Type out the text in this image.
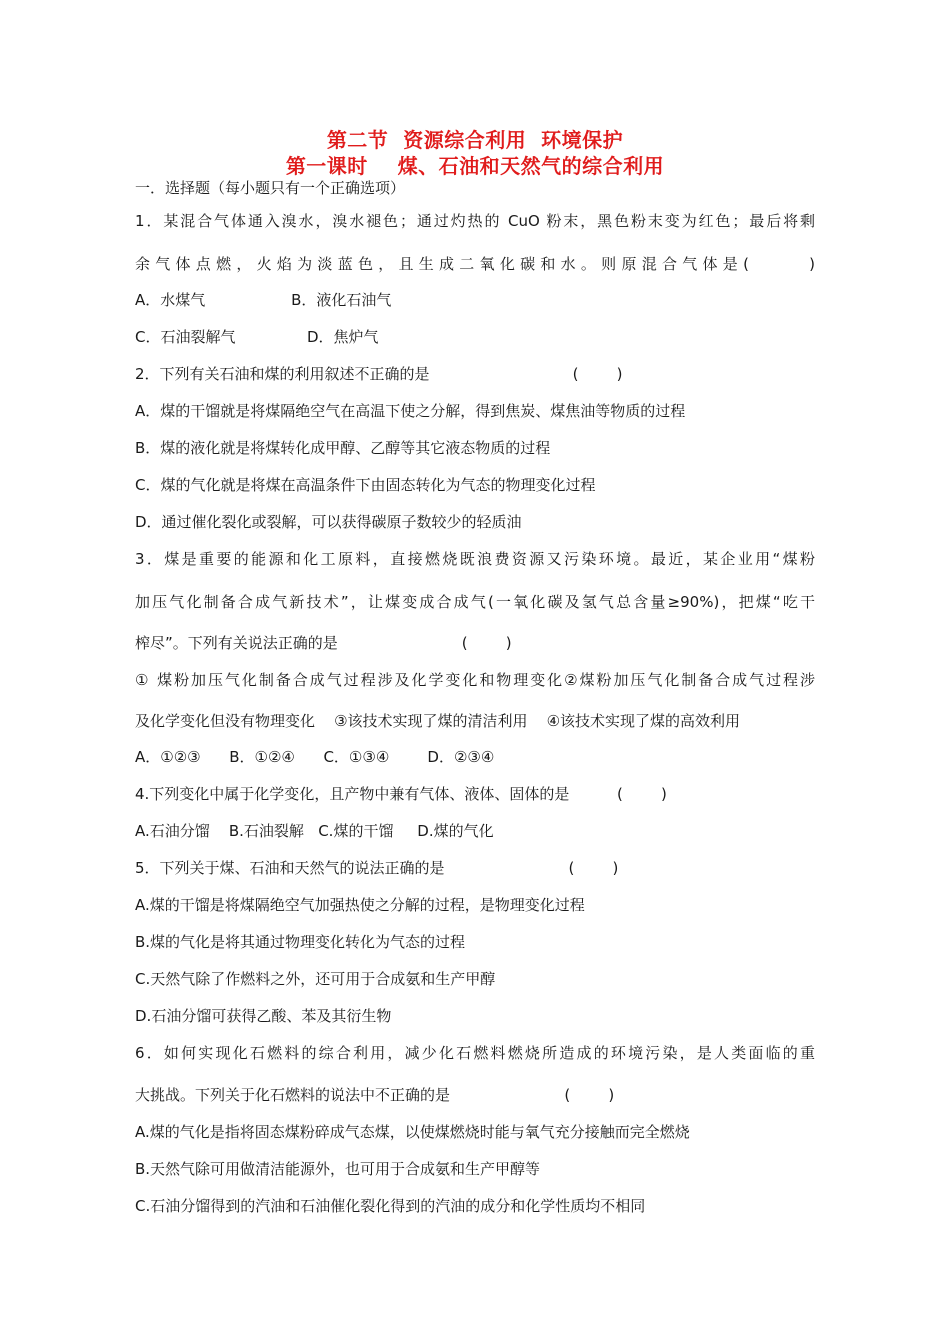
第二节  资源综合利用  环境保护
第一课时    煤、石油和天然气的综合利用
一．选择题（每小题只有一个正确选项）
1．某混合气体通入溴水，溴水褪色；通过灼热的 CuO 粉末，黑色粉末变为红色；最后将剩
余气体点燃，火焰为淡蓝色，且生成二氧化碳和水。则原混合气体是(      )
A．水煤气                  B．液化石油气
C．石油裂解气               D．焦炉气
2．下列有关石油和煤的利用叙述不正确的是                              (        )
A．煤的干馏就是将煤隔绝空气在高温下使之分解，得到焦炭、煤焦油等物质的过程
B．煤的液化就是将煤转化成甲醇、乙醇等其它液态物质的过程
C．煤的气化就是将煤在高温条件下由固态转化为气态的物理变化过程
D．通过催化裂化或裂解，可以获得碳原子数较少的轻质油
3．煤是重要的能源和化工原料，直接燃烧既浪费资源又污染环境。最近，某企业用“煤粉
加压气化制备合成气新技术”，让煤变成合成气(一氧化碳及氢气总含量≥90%)，把煤“吃干
榨尽”。下列有关说法正确的是                          (        )
① 煤粉加压气化制备合成气过程涉及化学变化和物理变化②煤粉加压气化制备合成气过程涉
及化学变化但没有物理变化    ③该技术实现了煤的清洁利用    ④该技术实现了煤的高效利用
A．①②③      B．①②④      C．①③④        D．②③④
4.下列变化中属于化学变化，且产物中兼有气体、液体、固体的是          (        )
A.石油分馏    B.石油裂解   C.煤的干馏     D.煤的气化
5．下列关于煤、石油和天然气的说法正确的是                          (        )
A.煤的干馏是将煤隔绝空气加强热使之分解的过程，是物理变化过程
B.煤的气化是将其通过物理变化转化为气态的过程
C.天然气除了作燃料之外，还可用于合成氨和生产甲醇
D.石油分馏可获得乙酸、苯及其衍生物
6．如何实现化石燃料的综合利用，减少化石燃料燃烧所造成的环境污染，是人类面临的重
大挑战。下列关于化石燃料的说法中不正确的是                        (        )
A.煤的气化是指将固态煤粉碎成气态煤，以使煤燃烧时能与氧气充分接触而完全燃烧
B.天然气除可用做清洁能源外，也可用于合成氨和生产甲醇等
C.石油分馏得到的汽油和石油催化裂化得到的汽油的成分和化学性质均不相同
